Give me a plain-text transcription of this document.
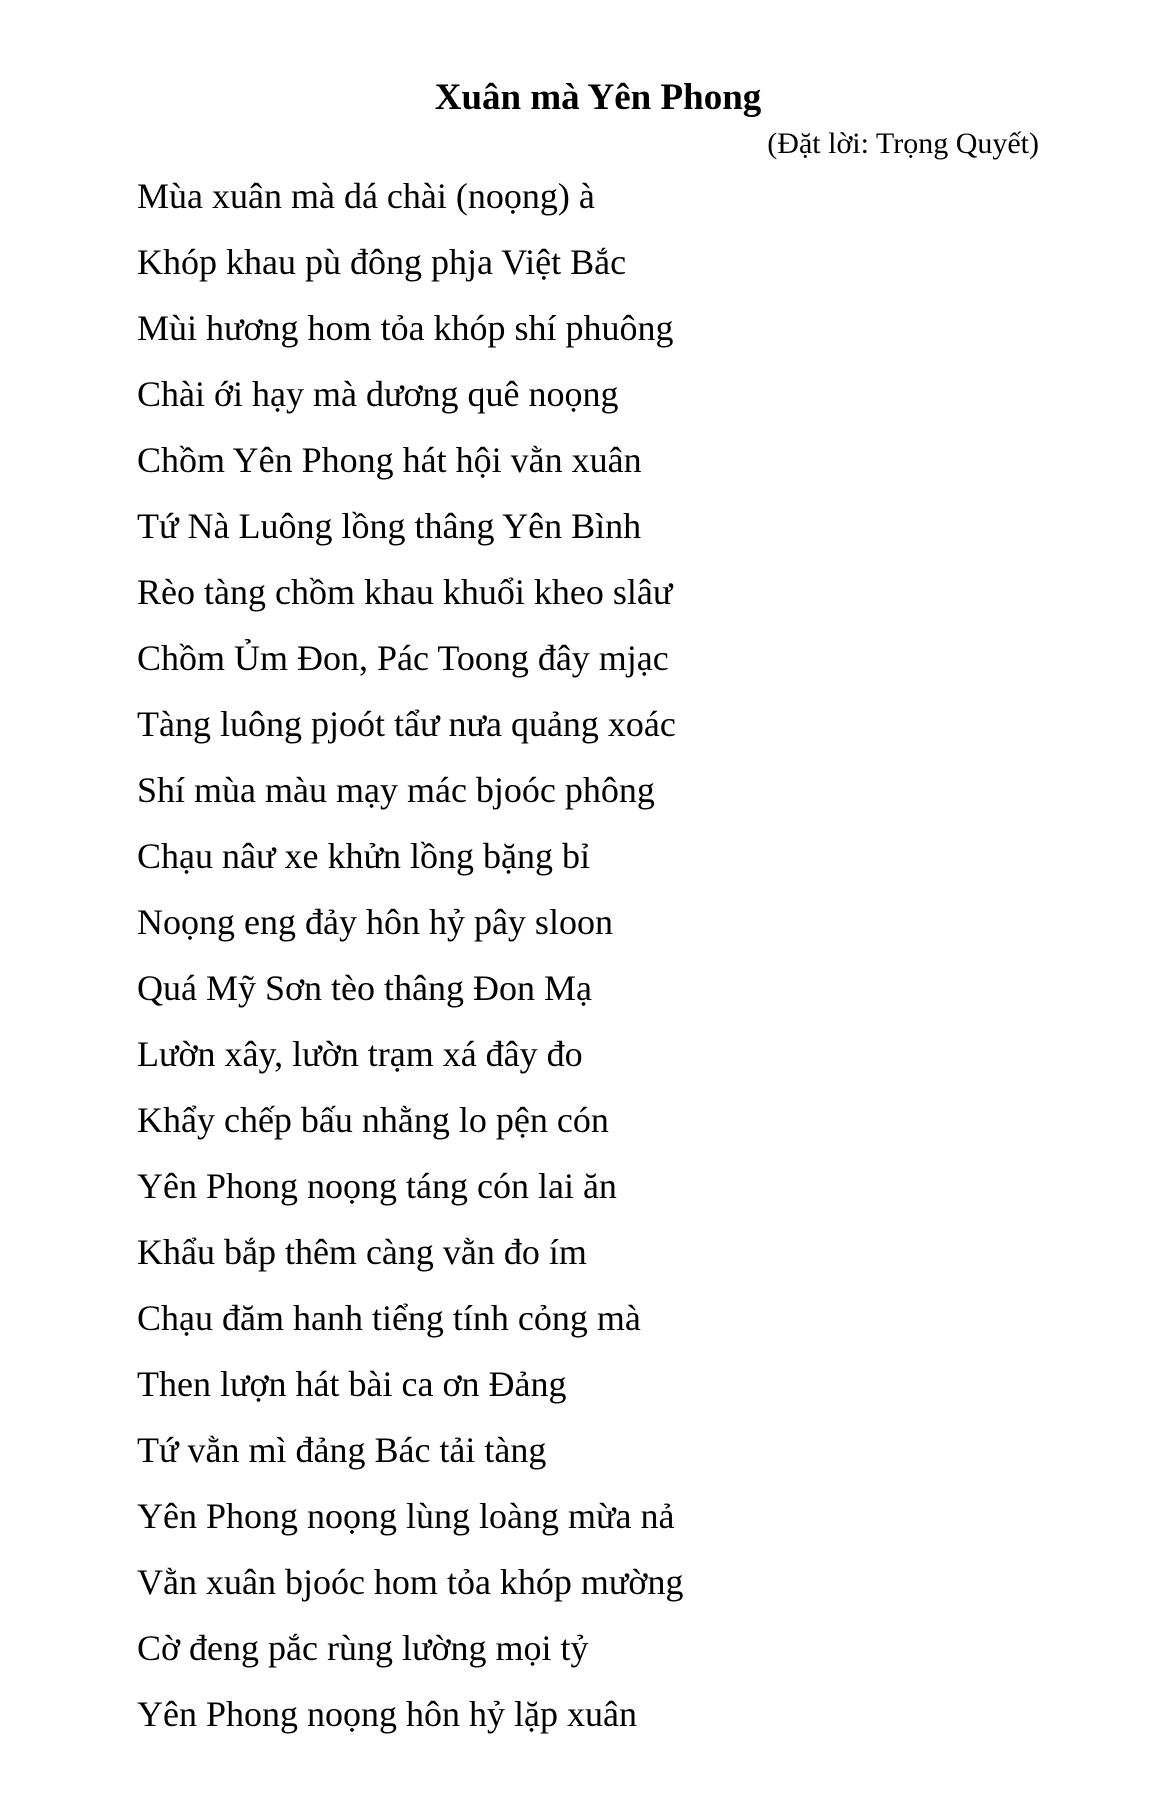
Xuân mà Yên Phong
(Đặt lời: Trọng Quyết)
Mùa xuân mà dá chài (noọng) à
Khóp khau pù đông phja Việt Bắc
Mùi hương hom tỏa khóp shí phuông
Chài ới hạy mà dương quê noọng
Chồm Yên Phong hát hội vằn xuân
Tứ Nà Luông lồng thâng Yên Bình
Rèo tàng chồm khau khuổi kheo slâư
Chồm Ủm Đon, Pác Toong đây mjạc
Tàng luông pjoót tẩư nưa quảng xoác
Shí mùa màu mạy mác bjoóc phông
Chạu nâư xe khửn lồng bặng bỉ
Noọng eng đảy hôn hỷ pây sloon
Quá Mỹ Sơn tèo thâng Đon Mạ
Lườn xây, lườn trạm xá đây đo
Khẩy chếp bấu nhằng lo pện cón
Yên Phong noọng táng cón lai ăn
Khẩu bắp thêm càng vằn đo ím
Chạu đăm hanh tiểng tính cỏng mà
Then lượn hát bài ca ơn Đảng
Tứ vằn mì đảng Bác tải tàng
Yên Phong noọng lùng loàng mừa nả
Vằn xuân bjoóc hom tỏa khóp mường
Cờ đeng pắc rùng lường mọi tỷ
Yên Phong noọng hôn hỷ lặp xuân
